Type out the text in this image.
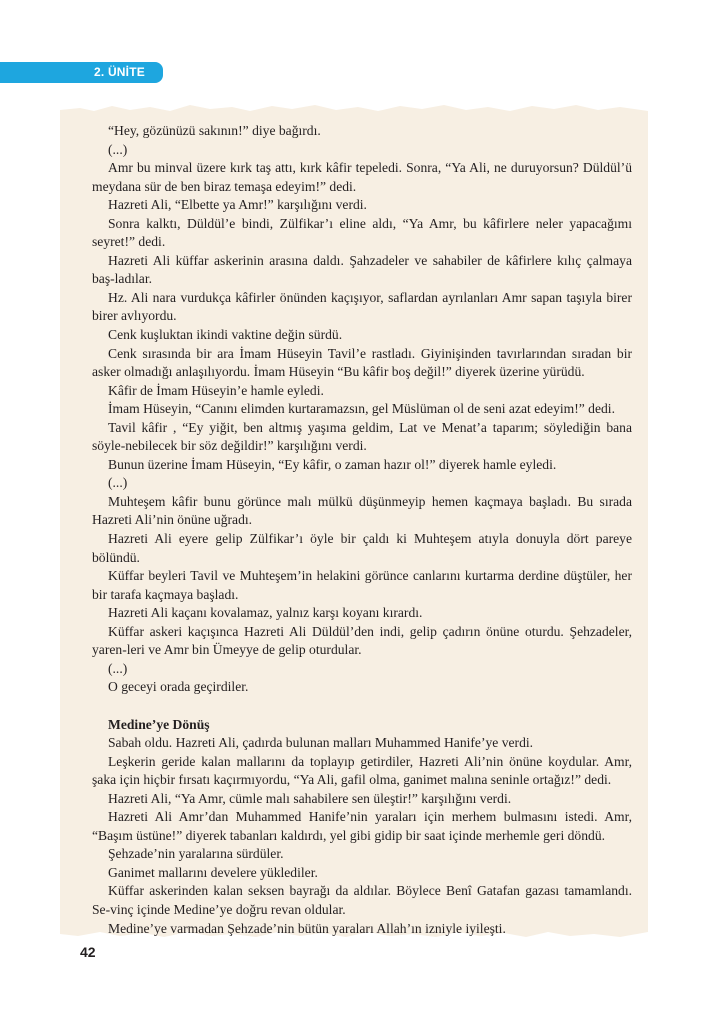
2. ÜNİTE

“Hey, gözünüzü sakının!” diye bağırdı.

(...)

Amr bu minval üzere kırk taş attı, kırk kâfir tepeledi. Sonra, “Ya Ali, ne duruyorsun? Düldül’ü meydana sür de ben biraz temaşa edeyim!” dedi.

Hazreti Ali, “Elbette ya Amr!” karşılığını verdi.

Sonra kalktı, Düldül’e bindi, Zülfikar’ı eline aldı, “Ya Amr, bu kâfirlere neler yapacağımı seyret!” dedi.

Hazreti Ali küffar askerinin arasına daldı. Şahzadeler ve sahabiler de kâfirlere kılıç çalmaya baş-ladılar.

Hz. Ali nara vurdukça kâfirler önünden kaçışıyor, saflardan ayrılanları Amr sapan taşıyla birer birer avlıyordu.

Cenk kuşluktan ikindi vaktine değin sürdü.

Cenk sırasında bir ara İmam Hüseyin Tavil’e rastladı. Giyinişinden tavırlarından sıradan bir asker olmadığı anlaşılıyordu. İmam Hüseyin “Bu kâfir boş değil!” diyerek üzerine yürüdü.

Kâfir de İmam Hüseyin’e hamle eyledi.

İmam Hüseyin, “Canını elimden kurtaramazsın, gel Müslüman ol de seni azat edeyim!” dedi.

Tavil kâfir , “Ey yiğit, ben altmış yaşıma geldim, Lat ve Menat’a taparım; söylediğin bana söyle-nebilecek bir söz değildir!” karşılığını verdi.

Bunun üzerine İmam Hüseyin, “Ey kâfir, o zaman hazır ol!” diyerek hamle eyledi.

(...)

Muhteşem kâfir bunu görünce malı mülkü düşünmeyip hemen kaçmaya başladı. Bu sırada Hazreti Ali’nin önüne uğradı.

Hazreti Ali eyere gelip Zülfikar’ı öyle bir çaldı ki Muhteşem atıyla donuyla dört pareye bölündü.

Küffar beyleri Tavil ve Muhteşem’in helakini görünce canlarını kurtarma derdine düştüler, her bir tarafa kaçmaya başladı.

Hazreti Ali kaçanı kovalamaz, yalnız karşı koyanı kırardı.

Küffar askeri kaçışınca Hazreti Ali Düldül’den indi, gelip çadırın önüne oturdu. Şehzadeler, yaren-leri ve Amr bin Ümeyye de gelip oturdular.

(...)

O geceyi orada geçirdiler.

Medine’ye Dönüş

Sabah oldu. Hazreti Ali, çadırda bulunan malları Muhammed Hanife’ye verdi.

Leşkerin geride kalan mallarını da toplayıp getirdiler, Hazreti Ali’nin önüne koydular. Amr, şaka için hiçbir fırsatı kaçırmıyordu, “Ya Ali, gafil olma, ganimet malına seninle ortağız!” dedi.

Hazreti Ali, “Ya Amr, cümle malı sahabilere sen üleştir!” karşılığını verdi.

Hazreti Ali Amr’dan Muhammed Hanife’nin yaraları için merhem bulmasını istedi. Amr, “Başım üstüne!” diyerek tabanları kaldırdı, yel gibi gidip bir saat içinde merhemle geri döndü.

Şehzade’nin yaralarına sürdüler.

Ganimet mallarını develere yüklediler.

Küffar askerinden kalan seksen bayrağı da aldılar. Böylece Benî Gatafan gazası tamamlandı. Se-vinç içinde Medine’ye doğru revan oldular.

Medine’ye varmadan Şehzade’nin bütün yaraları Allah’ın izniyle iyileşti.

42
